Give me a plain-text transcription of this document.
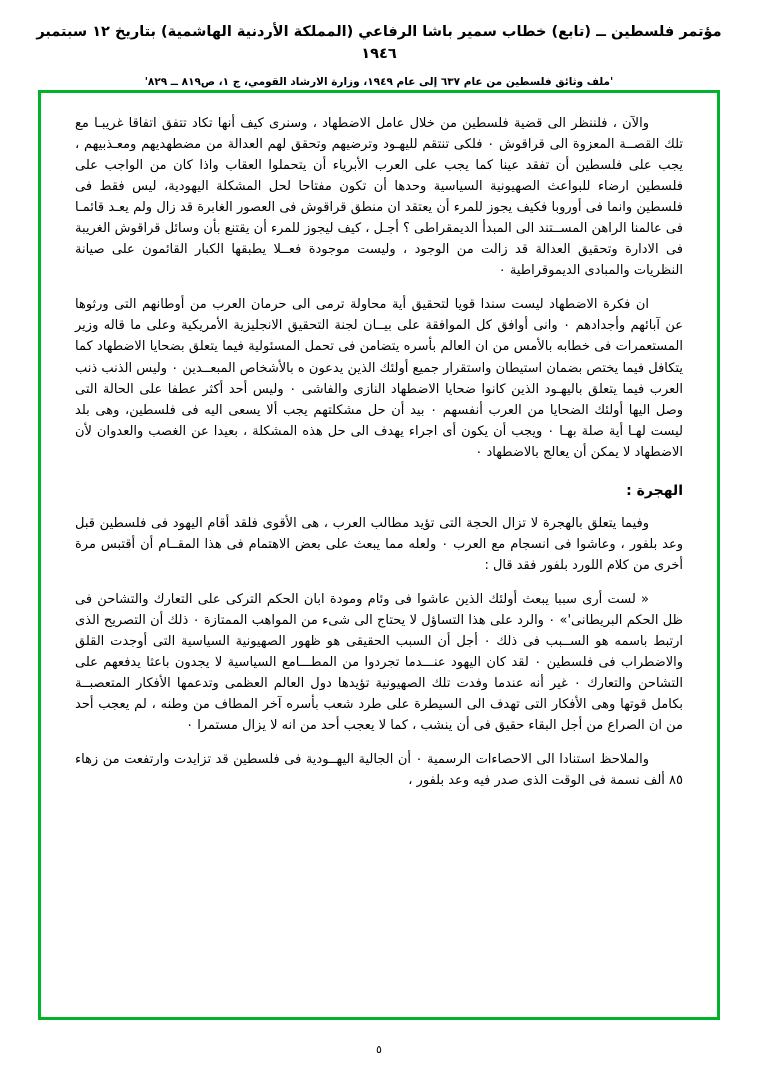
مؤتمر فلسطين ــ (تابع) خطاب سمير باشا الرفاعي (المملكة الأردنية الهاشمية) بتاريخ ١٢ سبتمبر ١٩٤٦
'ملف وثائق فلسطين من عام ٦٣٧ إلى عام ١٩٤٩، وزارة الارشاد القومي، ج ١، ص٨١٩ ــ ٨٢٩'

والآن ، فلننظر الى قضية فلسطين من خلال عامل الاضطهاد ، وسنرى كيف أنها تكاد تتفق اتفاقا غريبـا مع تلك القصــة المعزوة الى قراقوش ٠ فلكى تنتقم لليهـود وترضيهم وتحقق لهم العدالة من مضطهديهم ومعـذبيهم ، يجب على فلسطين أن تفقد عينا كما يجب على العرب الأبرياء أن يتحملوا العقاب واذا كان من الواجب على فلسطين ارضاء للبواعث الصهيونية السياسية وحدها أن تكون مفتاحا لحل المشكلة اليهودية، ليس فقط فى فلسطين وانما فى أوروبا فكيف يجوز للمرء أن يعتقد ان منطق قراقوش فى العصور الغابرة قد زال ولم يعـد قائمـا فى عالمنا الراهن المســتند الى المبدأ الديمقراطى ؟ أجـل ، كيف ليجوز للمرء أن يقتنع بأن وسائل قراقوش الغريبة فى الادارة وتحقيق العدالة قد زالت من الوجود ، وليست موجودة فعــلا يطبقها الكبار القائمون على صيانة النظريات والمبادى الديموقراطية ٠

ان فكرة الاضطهاد ليست سندا قويا لتحقيق أية محاولة ترمى الى حرمان العرب من أوطانهم التى ورثوها عن آبائهم وأجدادهم ٠ وانى أوافق كل الموافقة على بيــان لجنة التحقيق الانجليزية الأمريكية وعلى ما قاله وزير المستعمرات فى خطابه بالأمس من ان العالم بأسره يتضامن فى تحمل المسئولية فيما يتعلق بضحايا الاضطهاد كما يتكافل فيما يختص بضمان استيطان واستقرار جميع أولئك الذين يدعون ه بالأشخاص المبعــدين ٠ وليس الذنب ذنب العرب فيما يتعلق باليهـود الذين كانوا ضحايا الاضطهاد النازى والفاشى ٠ وليس أحد أكثر عطفا على الحالة التى وصل اليها أولئك الضحايا من العرب أنفسهم ٠ بيد أن حل مشكلتهم يجب ألا يسعى اليه فى فلسطين، وهى بلد ليست لهـا أية صلة بهـا ٠ ويجب أن يكون أى اجراء يهدف الى حل هذه المشكلة ، بعيدا عن الغصب والعدوان لأن الاضطهاد لا يمكن أن يعالج بالاضطهاد ٠

الهجرة :

وفيما يتعلق بالهجرة لا تزال الحجة التى تؤيد مطالب العرب ، هى الأقوى فلقد أقام اليهود فى فلسطين قبل وعد بلفور ، وعاشوا فى انسجام مع العرب ٠ ولعله مما يبعث على بعض الاهتمام فى هذا المقــام أن أقتبس مرة أخرى من كلام اللورد بلفور فقد قال :

« لست أرى سببا يبعث أولئك الذين عاشوا فى وئام ومودة ابان الحكم التركى على التعارك والتشاحن فى ظل الحكم البريطانى'» ٠ والرد على هذا التساؤل لا يحتاج الى شىء من المواهب الممتازة ٠ ذلك أن التصريح الذى ارتبط باسمه هو الســبب فى ذلك ٠ أجل أن السبب الحقيقى هو ظهور الصهيونية السياسية التى أوجدت القلق والاضطراب فى فلسطين ٠ لقد كان اليهود عنـــدما تجردوا من المطـــامع السياسية لا يجدون باعثا يدفعهم على التشاحن والتعارك ٠ غير أنه عندما وفدت تلك الصهيونية تؤيدها دول العالم العظمى وتدعمها الأفكار المتعصبــة بكامل قوتها وهى الأفكار التى تهدف الى السيطرة على طرد شعب بأسره آخر المطاف من وطنه ، لم يعجب أحد من ان الصراع من أجل البقاء حقيق فى أن ينشب ، كما لا يعجب أحد من انه لا يزال مستمرا ٠

والملاحظ استنادا الى الاحصاءات الرسمية ٠ أن الجالية اليهــودية فى فلسطين قد تزايدت وارتفعت من زهاء ٨٥ ألف نسمة فى الوقت الذى صدر فيه وعد بلفور ،

٥
